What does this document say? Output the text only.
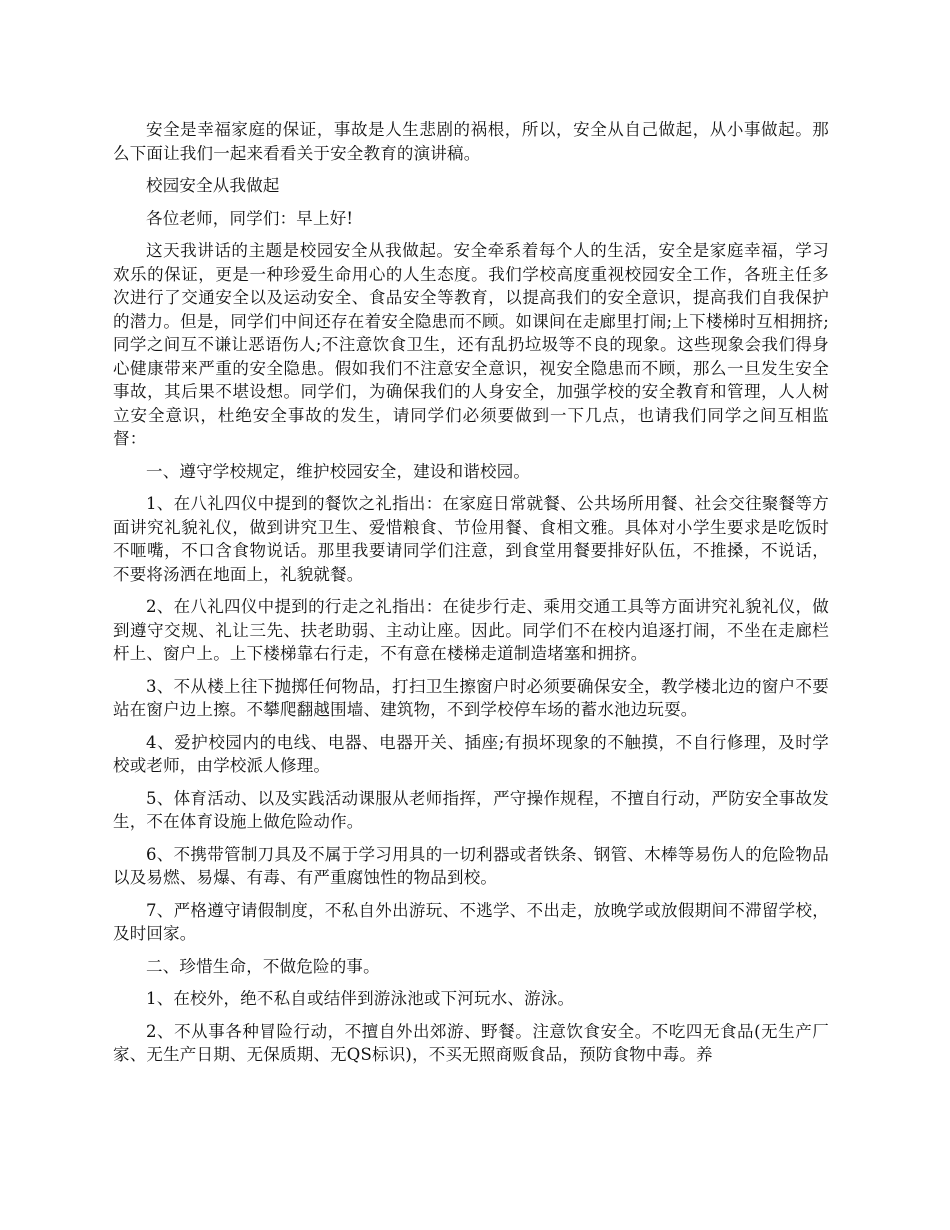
安全是幸福家庭的保证，事故是人生悲剧的祸根，所以，安全从自己做起，从小事做起。那么下面让我们一起来看看关于安全教育的演讲稿。

校园安全从我做起

各位老师，同学们：早上好!

这天我讲话的主题是校园安全从我做起。安全牵系着每个人的生活，安全是家庭幸福，学习欢乐的保证，更是一种珍爱生命用心的人生态度。我们学校高度重视校园安全工作，各班主任多次进行了交通安全以及运动安全、食品安全等教育，以提高我们的安全意识，提高我们自我保护的潜力。但是，同学们中间还存在着安全隐患而不顾。如课间在走廊里打闹;上下楼梯时互相拥挤;同学之间互不谦让恶语伤人;不注意饮食卫生，还有乱扔垃圾等不良的现象。这些现象会我们得身心健康带来严重的安全隐患。假如我们不注意安全意识，视安全隐患而不顾，那么一旦发生安全事故，其后果不堪设想。同学们，为确保我们的人身安全，加强学校的安全教育和管理，人人树立安全意识，杜绝安全事故的发生，请同学们必须要做到一下几点，也请我们同学之间互相监督：

一、遵守学校规定，维护校园安全，建设和谐校园。

1、在八礼四仪中提到的餐饮之礼指出：在家庭日常就餐、公共场所用餐、社会交往聚餐等方面讲究礼貌礼仪，做到讲究卫生、爱惜粮食、节俭用餐、食相文雅。具体对小学生要求是吃饭时不咂嘴，不口含食物说话。那里我要请同学们注意，到食堂用餐要排好队伍，不推搡，不说话，不要将汤洒在地面上，礼貌就餐。

2、在八礼四仪中提到的行走之礼指出：在徒步行走、乘用交通工具等方面讲究礼貌礼仪，做到遵守交规、礼让三先、扶老助弱、主动让座。因此。同学们不在校内追逐打闹，不坐在走廊栏杆上、窗户上。上下楼梯靠右行走，不有意在楼梯走道制造堵塞和拥挤。

3、不从楼上往下抛掷任何物品，打扫卫生擦窗户时必须要确保安全，教学楼北边的窗户不要站在窗户边上擦。不攀爬翻越围墙、建筑物，不到学校停车场的蓄水池边玩耍。

4、爱护校园内的电线、电器、电器开关、插座;有损坏现象的不触摸，不自行修理，及时学校或老师，由学校派人修理。

5、体育活动、以及实践活动课服从老师指挥，严守操作规程，不擅自行动，严防安全事故发生，不在体育设施上做危险动作。

6、不携带管制刀具及不属于学习用具的一切利器或者铁条、钢管、木棒等易伤人的危险物品以及易燃、易爆、有毒、有严重腐蚀性的物品到校。

7、严格遵守请假制度，不私自外出游玩、不逃学、不出走，放晚学或放假期间不滞留学校，及时回家。

二、珍惜生命，不做危险的事。

1、在校外，绝不私自或结伴到游泳池或下河玩水、游泳。

2、不从事各种冒险行动，不擅自外出郊游、野餐。注意饮食安全。不吃四无食品(无生产厂家、无生产日期、无保质期、无QS标识)，不买无照商贩食品，预防食物中毒。养
